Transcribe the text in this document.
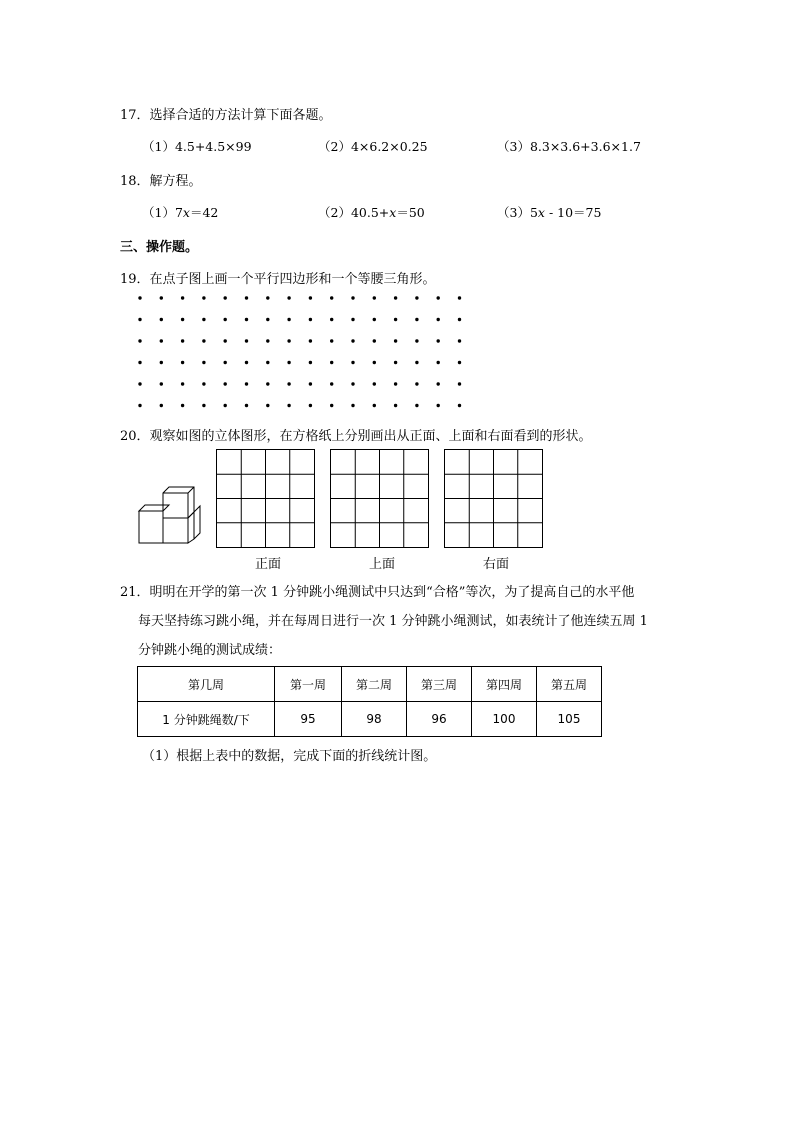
17．选择合适的方法计算下面各题。
（1）4.5+4.5×99	（2）4×6.2×0.25	（3）8.3×3.6+3.6×1.7
18．解方程。
（1）7x＝42	（2）40.5+x＝50	（3）5x - 10＝75
三、操作题。
19．在点子图上画一个平行四边形和一个等腰三角形。
20．观察如图的立体图形，在方格纸上分别画出从正面、上面和右面看到的形状。
正面	上面	右面
21．明明在开学的第一次 1 分钟跳小绳测试中只达到“合格”等次，为了提高自己的水平他
每天坚持练习跳小绳，并在每周日进行一次 1 分钟跳小绳测试，如表统计了他连续五周 1
分钟跳小绳的测试成绩：
第几周	第一周	第二周	第三周	第四周	第五周
1 分钟跳绳数/下	95	98	96	100	105
（1）根据上表中的数据，完成下面的折线统计图。
